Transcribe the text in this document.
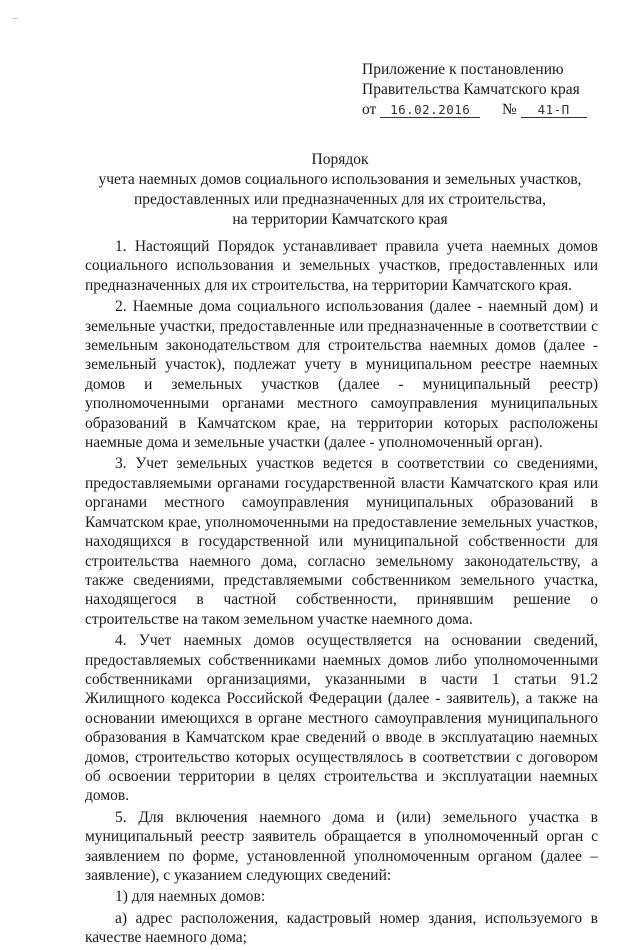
Приложение к постановлению
Правительства Камчатского края
от 16.02.2016 № 41-П
Порядок
учета наемных домов социального использования и земельных участков,
предоставленных или предназначенных для их строительства,
на территории Камчатского края

1. Настоящий Порядок устанавливает правила учета наемных домов социального использования и земельных участков, предоставленных или предназначенных для их строительства, на территории Камчатского края.

2. Наемные дома социального использования (далее - наемный дом) и земельные участки, предоставленные или предназначенные в соответствии с земельным законодательством для строительства наемных домов (далее - земельный участок), подлежат учету в муниципальном реестре наемных домов и земельных участков (далее - муниципальный реестр) уполномоченными органами местного самоуправления муниципальных образований в Камчатском крае, на территории которых расположены наемные дома и земельные участки (далее - уполномоченный орган).

3. Учет земельных участков ведется в соответствии со сведениями, предоставляемыми органами государственной власти Камчатского края или органами местного самоуправления муниципальных образований в Камчатском крае, уполномоченными на предоставление земельных участков, находящихся в государственной или муниципальной собственности для строительства наемного дома, согласно земельному законодательству, а также сведениями, представляемыми собственником земельного участка, находящегося в частной собственности, принявшим решение о строительстве на таком земельном участке наемного дома.

4. Учет наемных домов осуществляется на основании сведений, предоставляемых собственниками наемных домов либо уполномоченными собственниками организациями, указанными в части 1 статьи 91.2 Жилищного кодекса Российской Федерации (далее - заявитель), а также на основании имеющихся в органе местного самоуправления муниципального образования в Камчатском крае сведений о вводе в эксплуатацию наемных домов, строительство которых осуществлялось в соответствии с договором об освоении территории в целях строительства и эксплуатации наемных домов.

5. Для включения наемного дома и (или) земельного участка в муниципальный реестр заявитель обращается в уполномоченный орган с заявлением по форме, установленной уполномоченным органом (далее – заявление), с указанием следующих сведений:

1) для наемных домов:

а) адрес расположения, кадастровый номер здания, используемого в качестве наемного дома;
